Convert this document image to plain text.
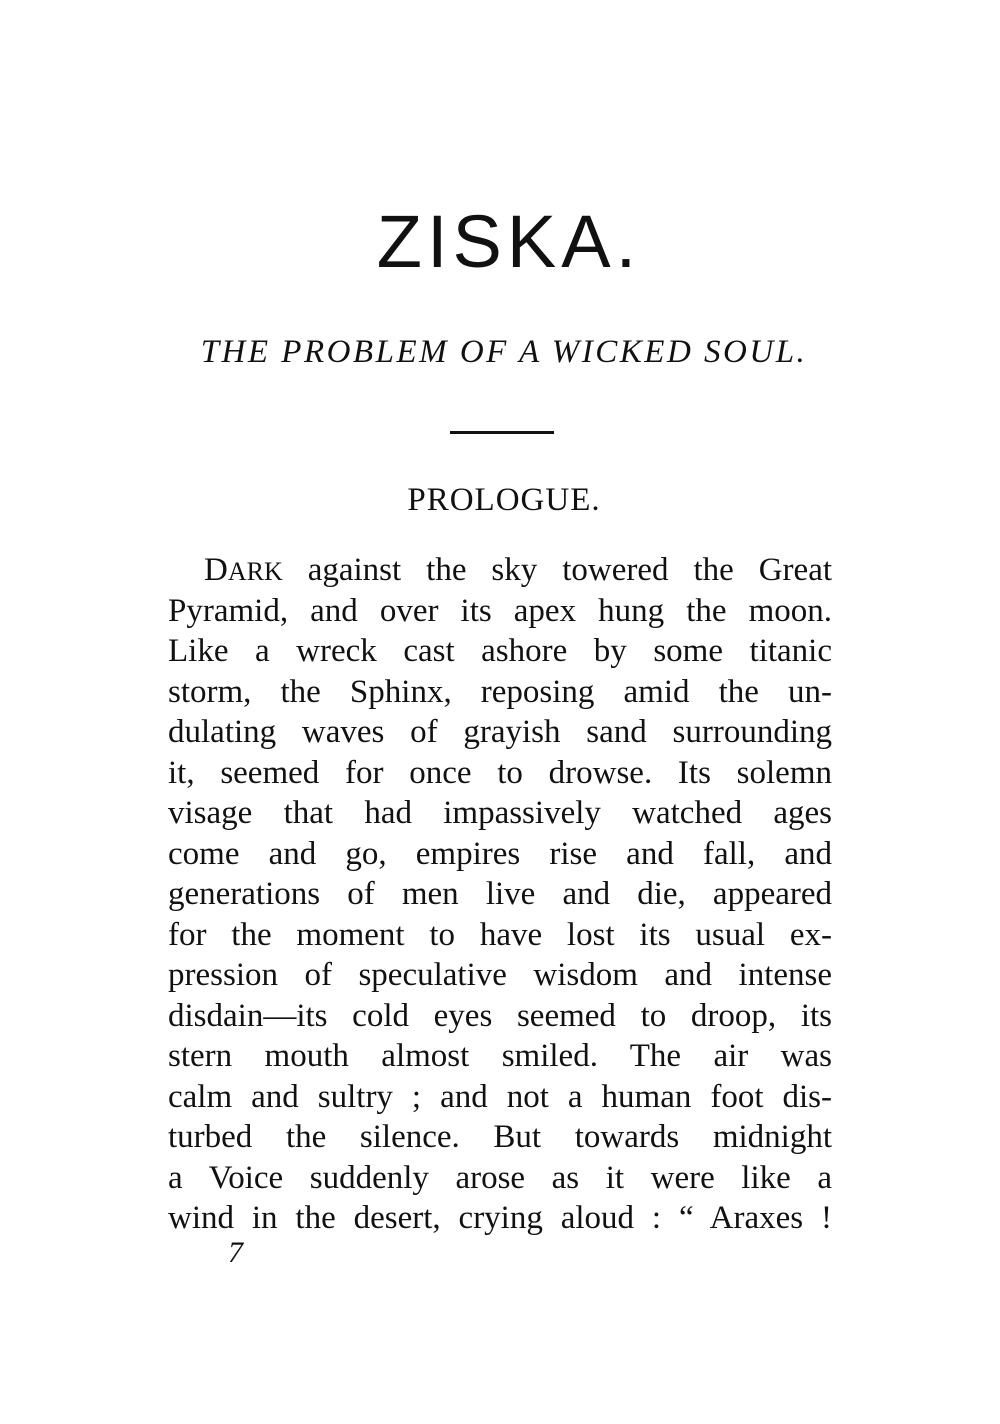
ZISKA.
THE PROBLEM OF A WICKED SOUL.
PROLOGUE.
DARK against the sky towered the Great
Pyramid, and over its apex hung the moon.
Like a wreck cast ashore by some titanic
storm, the Sphinx, reposing amid the un-
dulating waves of grayish sand surrounding
it, seemed for once to drowse. Its solemn
visage that had impassively watched ages
come and go, empires rise and fall, and
generations of men live and die, appeared
for the moment to have lost its usual ex-
pression of speculative wisdom and intense
disdain—its cold eyes seemed to droop, its
stern mouth almost smiled. The air was
calm and sultry ; and not a human foot dis-
turbed the silence. But towards midnight
a Voice suddenly arose as it were like a
wind in the desert, crying aloud : “ Araxes !
7
